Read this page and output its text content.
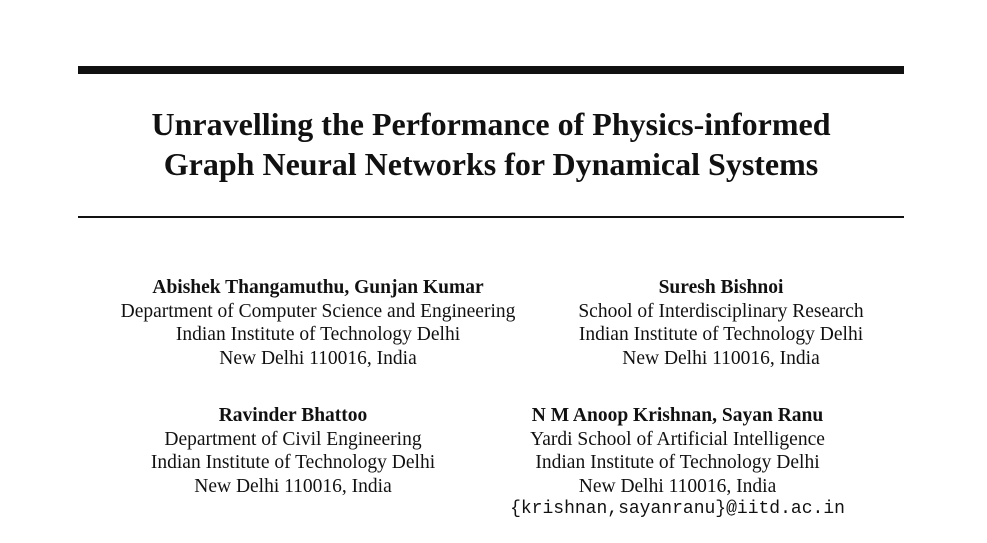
Unravelling the Performance of Physics-informed
Graph Neural Networks for Dynamical Systems
Abishek Thangamuthu, Gunjan Kumar
Department of Computer Science and Engineering
Indian Institute of Technology Delhi
New Delhi 110016, India
Suresh Bishnoi
School of Interdisciplinary Research
Indian Institute of Technology Delhi
New Delhi 110016, India
Ravinder Bhattoo
Department of Civil Engineering
Indian Institute of Technology Delhi
New Delhi 110016, India
N M Anoop Krishnan, Sayan Ranu
Yardi School of Artificial Intelligence
Indian Institute of Technology Delhi
New Delhi 110016, India
{krishnan,sayanranu}@iitd.ac.in
